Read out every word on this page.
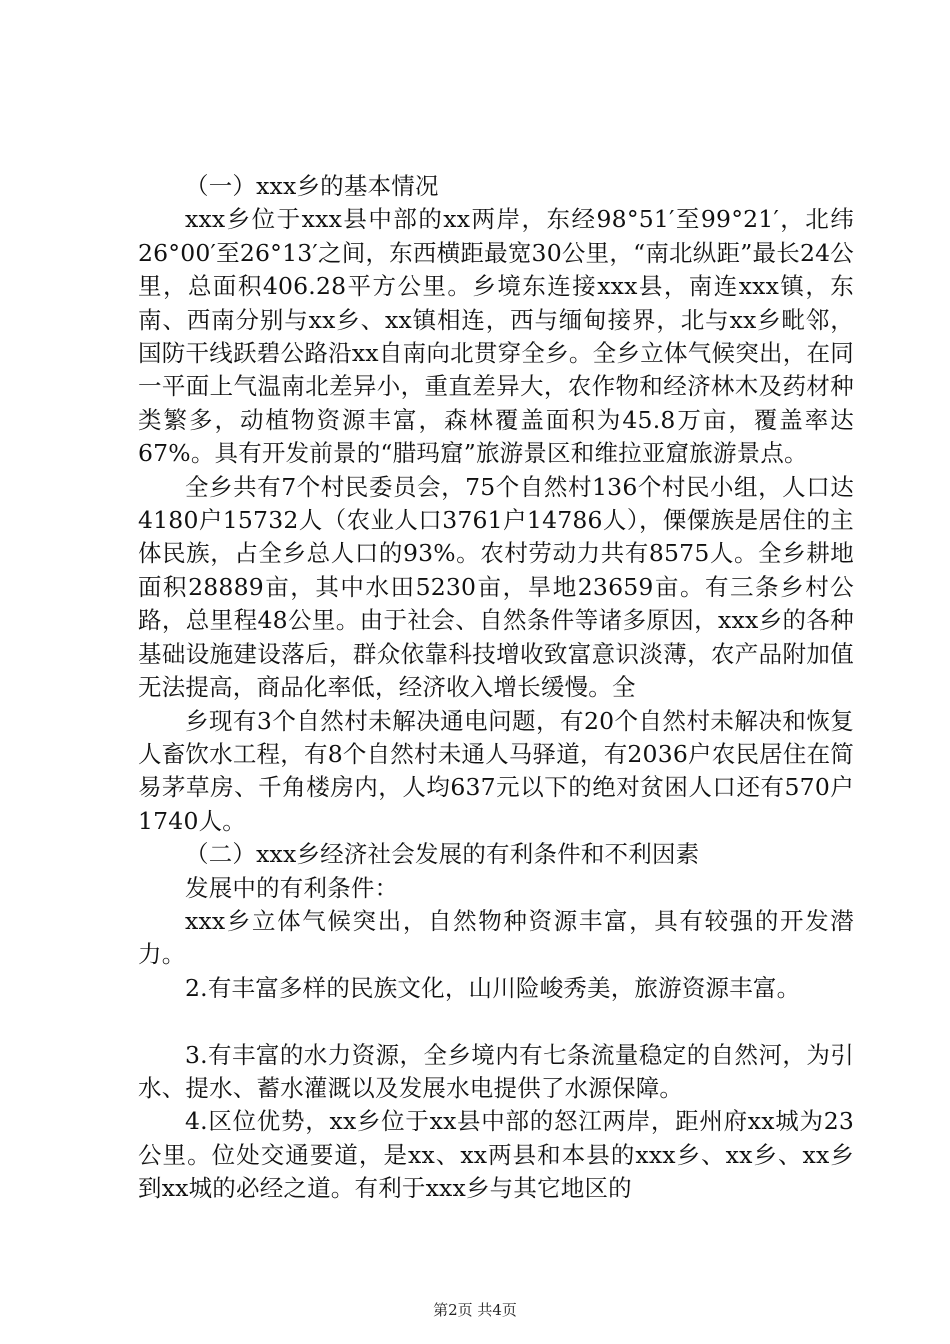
（一）xxx乡的基本情况

xxx乡位于xxx县中部的xx两岸，东经98°51′至99°21′，北纬26°00′至26°13′之间，东西横距最宽30公里，“南北纵距”最长24公里，总面积406.28平方公里。乡境东连接xxx县，南连xxx镇，东南、西南分别与xx乡、xx镇相连，西与缅甸接界，北与xx乡毗邻，国防干线跃碧公路沿xx自南向北贯穿全乡。全乡立体气候突出，在同一平面上气温南北差异小，重直差异大，农作物和经济林木及药材种类繁多，动植物资源丰富，森林覆盖面积为45.8万亩，覆盖率达67%。具有开发前景的“腊玛窟”旅游景区和维拉亚窟旅游景点。

全乡共有7个村民委员会，75个自然村136个村民小组，人口达4180户15732人（农业人口3761户14786人），傈僳族是居住的主体民族，占全乡总人口的93%。农村劳动力共有8575人。全乡耕地面积28889亩，其中水田5230亩，旱地23659亩。有三条乡村公路，总里程48公里。由于社会、自然条件等诸多原因，xxx乡的各种基础设施建设落后，群众依靠科技增收致富意识淡薄，农产品附加值无法提高，商品化率低，经济收入增长缓慢。全

乡现有3个自然村未解决通电问题，有20个自然村未解决和恢复人畜饮水工程，有8个自然村未通人马驿道，有2036户农民居住在简易茅草房、千角楼房内，人均637元以下的绝对贫困人口还有570户1740人。

（二）xxx乡经济社会发展的有利条件和不利因素

发展中的有利条件：

xxx乡立体气候突出，自然物种资源丰富，具有较强的开发潜力。

2.有丰富多样的民族文化，山川险峻秀美，旅游资源丰富。

3.有丰富的水力资源，全乡境内有七条流量稳定的自然河，为引水、提水、蓄水灌溉以及发展水电提供了水源保障。

4.区位优势，xx乡位于xx县中部的怒江两岸，距州府xx城为23公里。位处交通要道，是xx、xx两县和本县的xxx乡、xx乡、xx乡到xx城的必经之道。有利于xxx乡与其它地区的

第2页 共4页
